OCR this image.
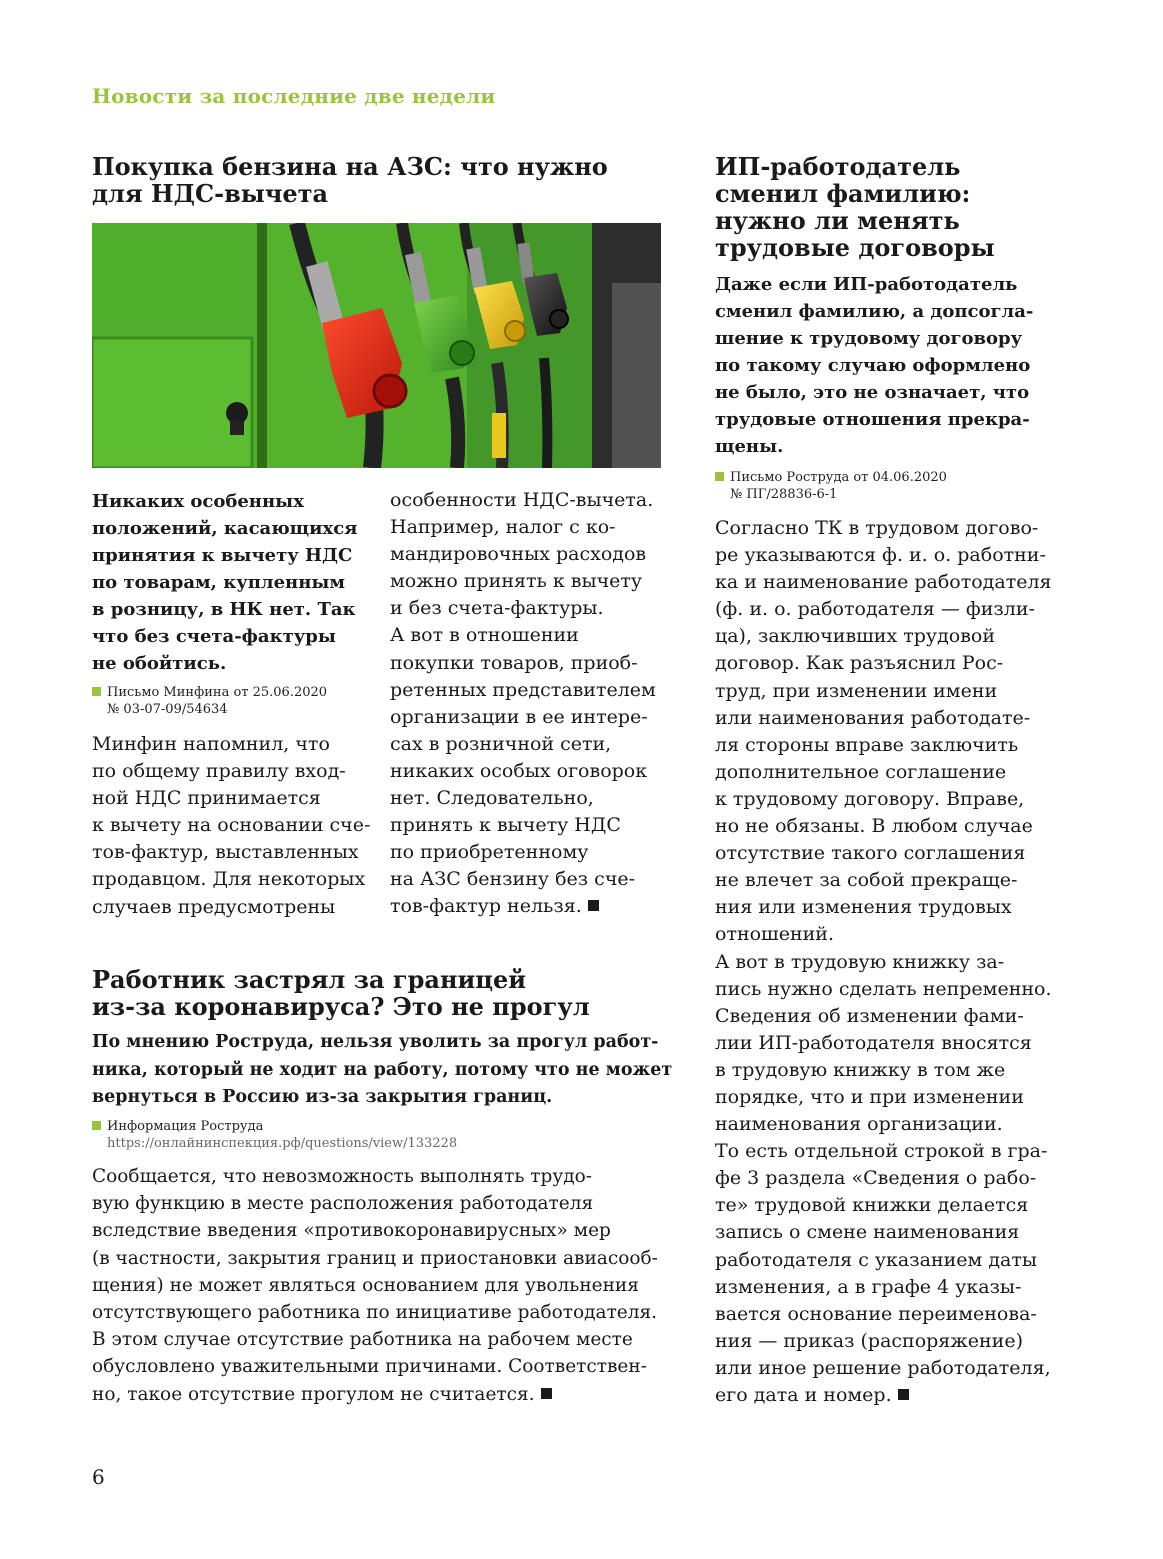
Новости за последние две недели
Покупка бензина на АЗС: что нужно
для НДС-вычета
Никаких особенных
положений, касающихся
принятия к вычету НДС
по товарам, купленным
в розницу, в НК нет. Так
что без счета-фактуры
не обойтись.
Письмо Минфина от 25.06.2020
№ 03-07-09/54634
Минфин напомнил, что
по общему правилу вход-
ной НДС принимается
к вычету на основании сче-
тов-фактур, выставленных
продавцом. Для некоторых
случаев предусмотрены
особенности НДС-вычета.
Например, налог с ко-
мандировочных расходов
можно принять к вычету
и без счета-фактуры.
А вот в отношении
покупки товаров, приоб-
ретенных представителем
организации в ее интере-
сах в розничной сети,
никаких особых оговорок
нет. Следовательно,
принять к вычету НДС
по приобретенному
на АЗС бензину без сче-
тов-фактур нельзя.
Работник застрял за границей
из-за коронавируса? Это не прогул
По мнению Роструда, нельзя уволить за прогул работ-
ника, который не ходит на работу, потому что не может
вернуться в Россию из-за закрытия границ.
Информация Роструда
https://онлайнинспекция.рф/questions/view/133228
Сообщается, что невозможность выполнять трудо-
вую функцию в месте расположения работодателя
вследствие введения «противокоронавирусных» мер
(в частности, закрытия границ и приостановки авиасооб-
щения) не может являться основанием для увольнения
отсутствующего работника по инициативе работодателя.
В этом случае отсутствие работника на рабочем месте
обусловлено уважительными причинами. Соответствен-
но, такое отсутствие прогулом не считается.
ИП-работодатель
сменил фамилию:
нужно ли менять
трудовые договоры
Даже если ИП-работодатель
сменил фамилию, а допсогла-
шение к трудовому договору
по такому случаю оформлено
не было, это не означает, что
трудовые отношения прекра-
щены.
Письмо Роструда от 04.06.2020
№ ПГ/28836-6-1
Согласно ТК в трудовом догово-
ре указываются ф. и. о. работни-
ка и наименование работодателя
(ф. и. о. работодателя — физли-
ца), заключивших трудовой
договор. Как разъяснил Рос-
труд, при изменении имени
или наименования работодате-
ля стороны вправе заключить
дополнительное соглашение
к трудовому договору. Вправе,
но не обязаны. В любом случае
отсутствие такого соглашения
не влечет за собой прекраще-
ния или изменения трудовых
отношений.
А вот в трудовую книжку за-
пись нужно сделать непременно.
Сведения об изменении фами-
лии ИП-работодателя вносятся
в трудовую книжку в том же
порядке, что и при изменении
наименования организации.
То есть отдельной строкой в гра-
фе 3 раздела «Сведения о рабо-
те» трудовой книжки делается
запись о смене наименования
работодателя с указанием даты
изменения, а в графе 4 указы-
вается основание переименова-
ния — приказ (распоряжение)
или иное решение работодателя,
его дата и номер.
6
